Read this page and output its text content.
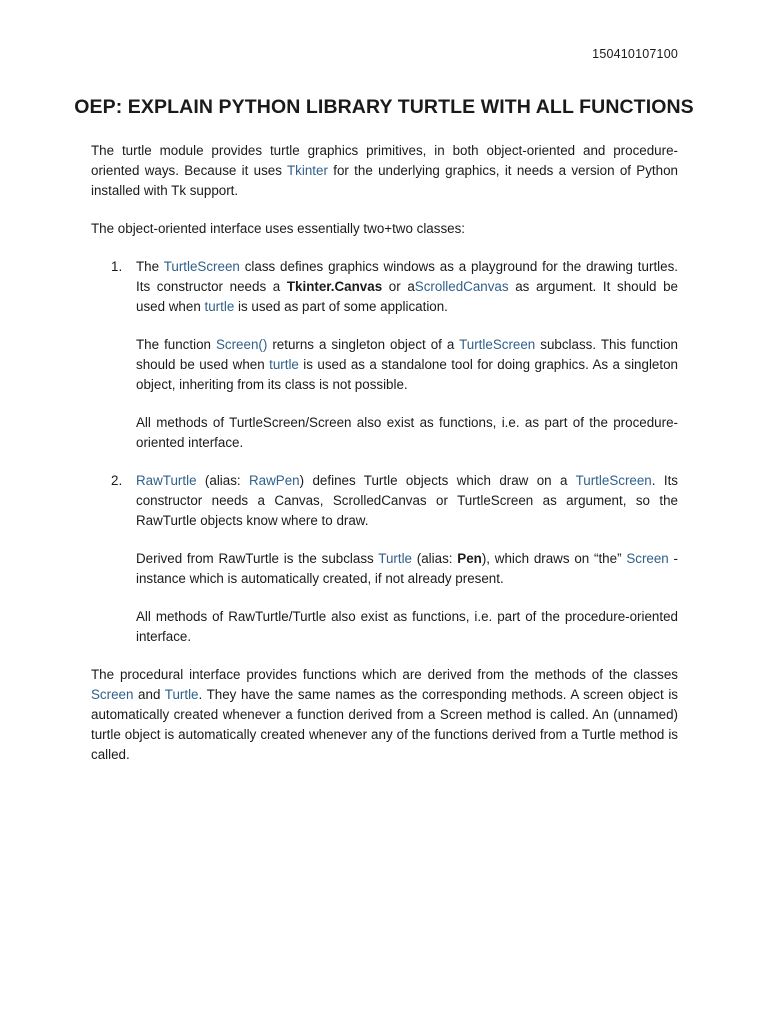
150410107100
OEP: EXPLAIN PYTHON LIBRARY TURTLE WITH ALL FUNCTIONS

The turtle module provides turtle graphics primitives, in both object-oriented and procedure-oriented ways. Because it uses Tkinter for the underlying graphics, it needs a version of Python installed with Tk support.

The object-oriented interface uses essentially two+two classes:

1. The TurtleScreen class defines graphics windows as a playground for the drawing turtles. Its constructor needs a Tkinter.Canvas or aScrolledCanvas as argument. It should be used when turtle is used as part of some application.

The function Screen() returns a singleton object of a TurtleScreen subclass. This function should be used when turtle is used as a standalone tool for doing graphics. As a singleton object, inheriting from its class is not possible.

All methods of TurtleScreen/Screen also exist as functions, i.e. as part of the procedure-oriented interface.

2. RawTurtle (alias: RawPen) defines Turtle objects which draw on a TurtleScreen. Its constructor needs a Canvas, ScrolledCanvas or TurtleScreen as argument, so the RawTurtle objects know where to draw.

Derived from RawTurtle is the subclass Turtle (alias: Pen), which draws on “the” Screen - instance which is automatically created, if not already present.

All methods of RawTurtle/Turtle also exist as functions, i.e. part of the procedure-oriented interface.

The procedural interface provides functions which are derived from the methods of the classes Screen and Turtle. They have the same names as the corresponding methods. A screen object is automatically created whenever a function derived from a Screen method is called. An (unnamed) turtle object is automatically created whenever any of the functions derived from a Turtle method is called.
